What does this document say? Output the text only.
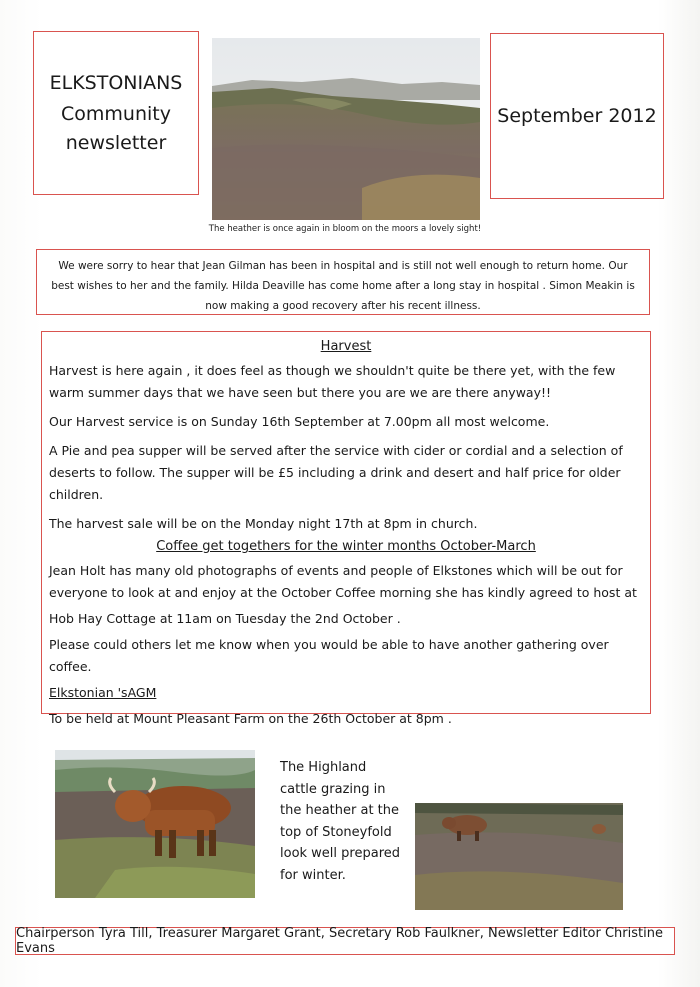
ELKSTONIANS
Community
newsletter
The heather is once again in bloom on the moors a lovely sight!
September 2012
We were sorry to hear that Jean Gilman has been in hospital and is still not well enough to return home. Our best wishes to her and the family. Hilda Deaville has come home after a long stay in hospital . Simon Meakin is now making a good recovery after his recent illness.
Harvest

Harvest is here again , it does feel as though we shouldn't quite be there yet, with the few warm summer days that we have seen but there you are we are there anyway!!

Our Harvest service is on Sunday 16th September at 7.00pm all most welcome.

A Pie and pea supper will be served after the service with cider or cordial and a selection of deserts to follow. The supper will be £5 including a drink and desert and half price for older children.

The harvest sale will be on the Monday night 17th at 8pm in church.

Coffee get togethers for the winter months October-March

Jean Holt has many old photographs of events and people of Elkstones which will be out for everyone to look at and enjoy at the October Coffee morning she has kindly agreed to host at

Hob Hay Cottage at 11am on Tuesday the 2nd October .

Please could others let me know when you would be able to have another gathering over coffee.

Elkstonian 'sAGM

To be held at Mount Pleasant Farm on the 26th October at 8pm .

The Highland cattle grazing in the heather at the top of Stoneyfold look well prepared for winter.
Chairperson Tyra Till, Treasurer Margaret Grant, Secretary Rob Faulkner, Newsletter Editor Christine Evans
